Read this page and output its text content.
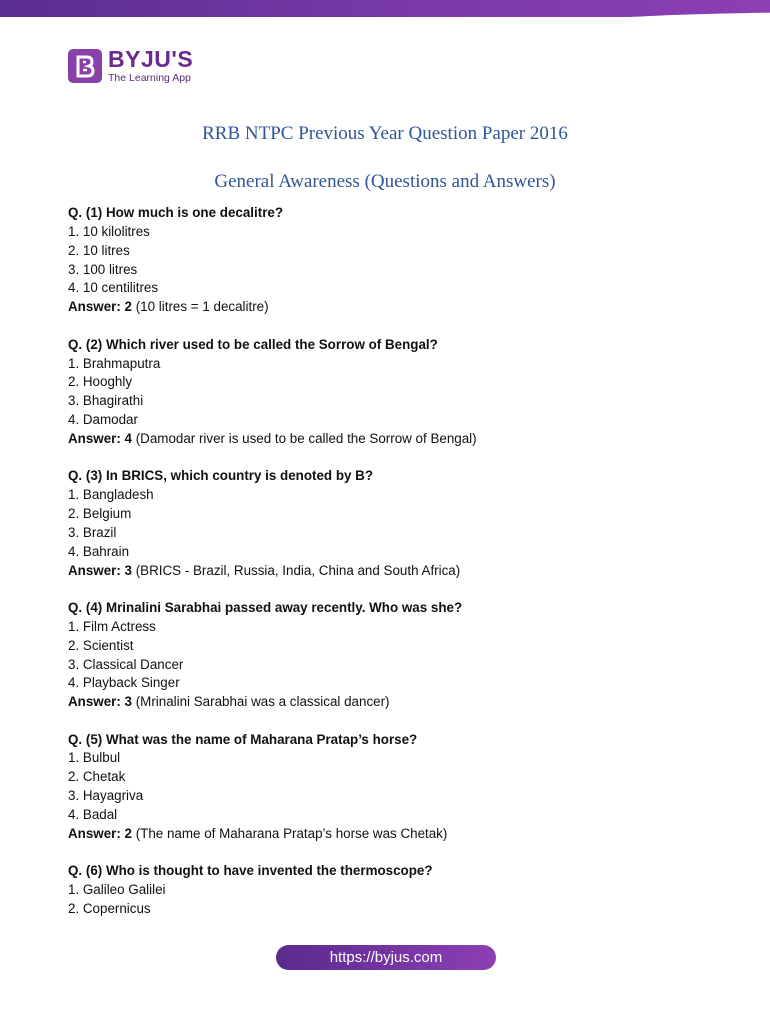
BYJU'S
The Learning App
RRB NTPC Previous Year Question Paper 2016
General Awareness (Questions and Answers)
Q. (1) How much is one decalitre?
1. 10 kilolitres
2. 10 litres
3. 100 litres
4. 10 centilitres
Answer: 2 (10 litres = 1 decalitre)
Q. (2) Which river used to be called the Sorrow of Bengal?
1. Brahmaputra
2. Hooghly
3. Bhagirathi
4. Damodar
Answer: 4 (Damodar river is used to be called the Sorrow of Bengal)
Q. (3) In BRICS, which country is denoted by B?
1. Bangladesh
2. Belgium
3. Brazil
4. Bahrain
Answer: 3 (BRICS - Brazil, Russia, India, China and South Africa)
Q. (4) Mrinalini Sarabhai passed away recently. Who was she?
1. Film Actress
2. Scientist
3. Classical Dancer
4. Playback Singer
Answer: 3 (Mrinalini Sarabhai was a classical dancer)
Q. (5) What was the name of Maharana Pratap’s horse?
1. Bulbul
2. Chetak
3. Hayagriva
4. Badal
Answer: 2 (The name of Maharana Pratap’s horse was Chetak)
Q. (6) Who is thought to have invented the thermoscope?
1. Galileo Galilei
2. Copernicus
https://byjus.com
